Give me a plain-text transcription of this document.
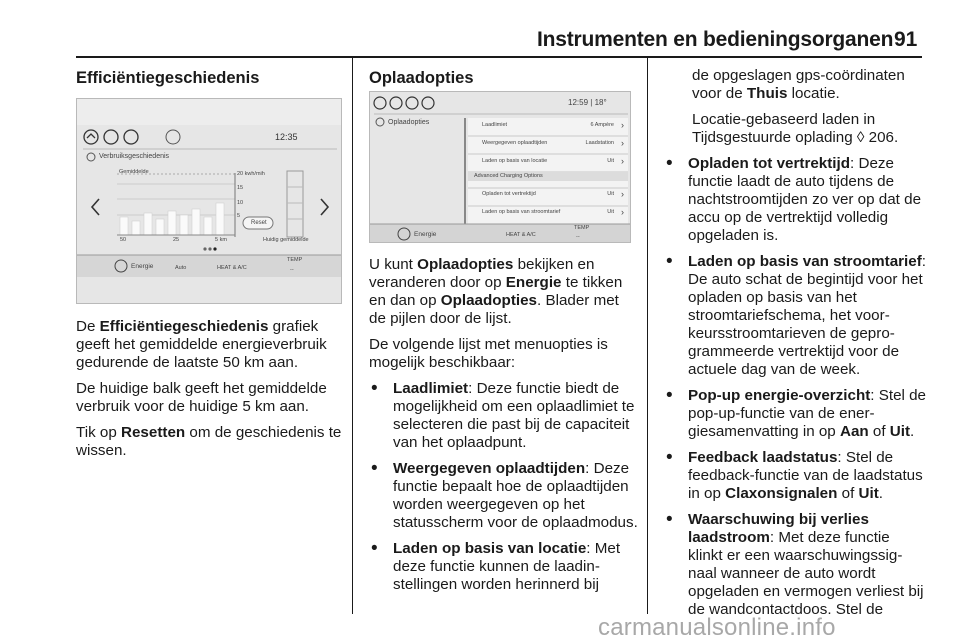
Instrumenten en bedieningsorganen 91
Efficiëntiegeschiedenis
12:35
Verbruiksgeschiedenis
Gemiddelde	20 kwh/mih
15
10
5
50	25	5 km
Reset
Huidig gemiddelde
Energie	Auto	HEAT & A/C
TEMP
--

De Efficiëntiegeschiedenis grafiek geeft het gemiddelde energieverbruik gedurende de laatste 50 km aan.

De huidige balk geeft het gemiddelde verbruik voor de huidige 5 km aan.

Tik op Resetten om de geschiedenis te wissen.

Oplaadopties
12:59 | 18°
Oplaadopties	Laadlimiet	6 Ampère ›
Weergegeven oplaadtijden	Laadstation ›
Laden op basis van locatie	Uit ›
Advanced Charging Options
Opladen tot vertrektijd	Uit ›
Laden op basis van stroomtarief	Uit ›
Energie	HEAT & A/C
TEMP
--

U kunt Oplaadopties bekijken en veranderen door op Energie te tikken en dan op Oplaadopties. Blader met de pijlen door de lijst.

De volgende lijst met menuopties is mogelijk beschikbaar:

• Laadlimiet: Deze functie biedt de mogelijkheid om een oplaadlimiet te selecteren die past bij de capaciteit van het oplaadpunt.
• Weergegeven oplaadtijden: Deze functie bepaalt hoe de oplaadtijden worden weergegeven op het statusscherm voor de oplaadmodus.
• Laden op basis van locatie: Met deze functie kunnen de laadinstellingen worden herinnerd bij

de opgeslagen gps-coördinaten voor de Thuis locatie.

Locatie-gebaseerd laden in Tijdsgestuurde oplading ◊ 206.

• Opladen tot vertrektijd: Deze functie laadt de auto tijdens de nachtstroomtijden zo ver op dat de accu op de vertrektijd volledig opgeladen is.
• Laden op basis van stroomtarief: De auto schat de begintijd voor het opladen op basis van het stroomtariefschema, het voorkeursstroomtarieven de geprogrammeerde vertrektijd voor de actuele dag van de week.
• Pop-up energie-overzicht: Stel de pop-up-functie van de energiesamenvatting in op Aan of Uit.
• Feedback laadstatus: Stel de feedback-functie van de laadstatus in op Claxonsignalen of Uit.
• Waarschuwing bij verlies laadstroom: Met deze functie klinkt er een waarschuwingssignaal wanneer de auto wordt opgeladen en vermogen verliest bij de wandcontactdoos. Stel de
carmanualsonline.info
